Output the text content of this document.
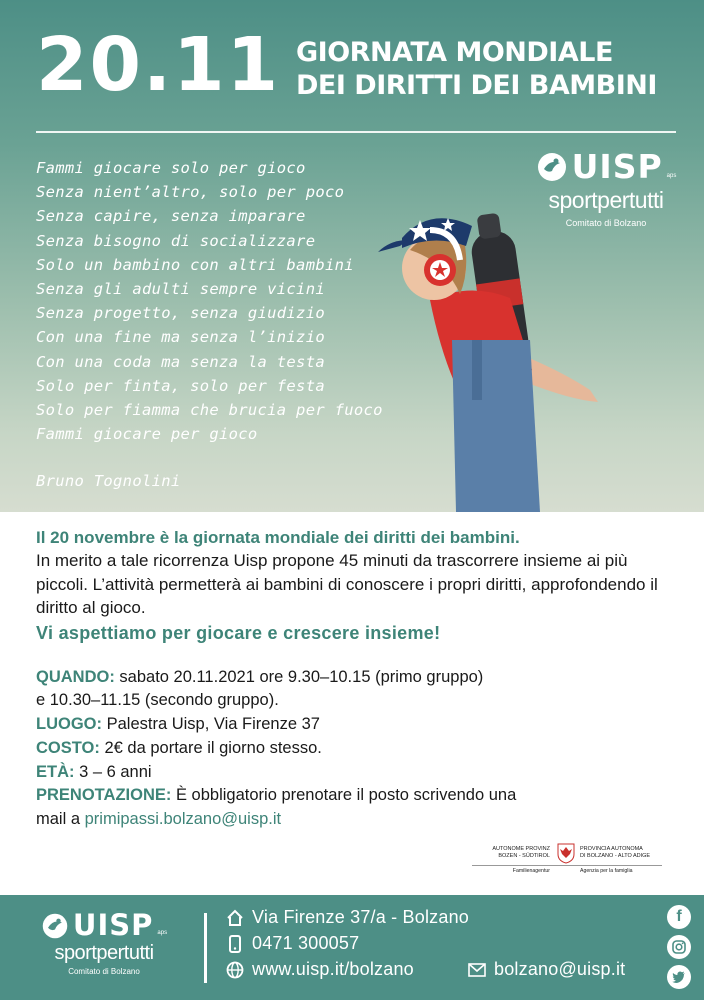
20.11 GIORNATA MONDIALE
DEI DIRITTI DEI BAMBINI
Fammi giocare solo per gioco
Senza nient’altro, solo per poco
Senza capire, senza imparare
Senza bisogno di socializzare
Solo un bambino con altri bambini
Senza gli adulti sempre vicini
Senza progetto, senza giudizio
Con una fine ma senza l’inizio
Con una coda ma senza la testa
Solo per finta, solo per festa
Solo per fiamma che brucia per fuoco
Fammi giocare per gioco
Bruno Tognolini
UISP aps
sportpertutti
Comitato di Bolzano
Il 20 novembre è la giornata mondiale dei diritti dei bambini.
In merito a tale ricorrenza Uisp propone 45 minuti da trascorrere insieme ai più piccoli. L’attività permetterà ai bambini di conoscere i propri diritti, approfondendo il diritto al gioco.
Vi aspettiamo per giocare e crescere insieme!
QUANDO: sabato 20.11.2021 ore 9.30–10.15 (primo gruppo)
e 10.30–11.15 (secondo gruppo).
LUOGO: Palestra Uisp, Via Firenze 37
COSTO: 2€ da portare il giorno stesso.
ETÀ: 3 – 6 anni
PRENOTAZIONE: È obbligatorio prenotare il posto scrivendo una
mail a primipassi.bolzano@uisp.it
AUTONOME PROVINZ
BOZEN - SÜDTIROL
PROVINCIA AUTONOMA
DI BOLZANO - ALTO ADIGE
Familienagentur	Agenzia per la famiglia
UISP aps
sportpertutti
Comitato di Bolzano
Via Firenze 37/a - Bolzano
0471 300057
www.uisp.it/bolzano	bolzano@uisp.it
f
